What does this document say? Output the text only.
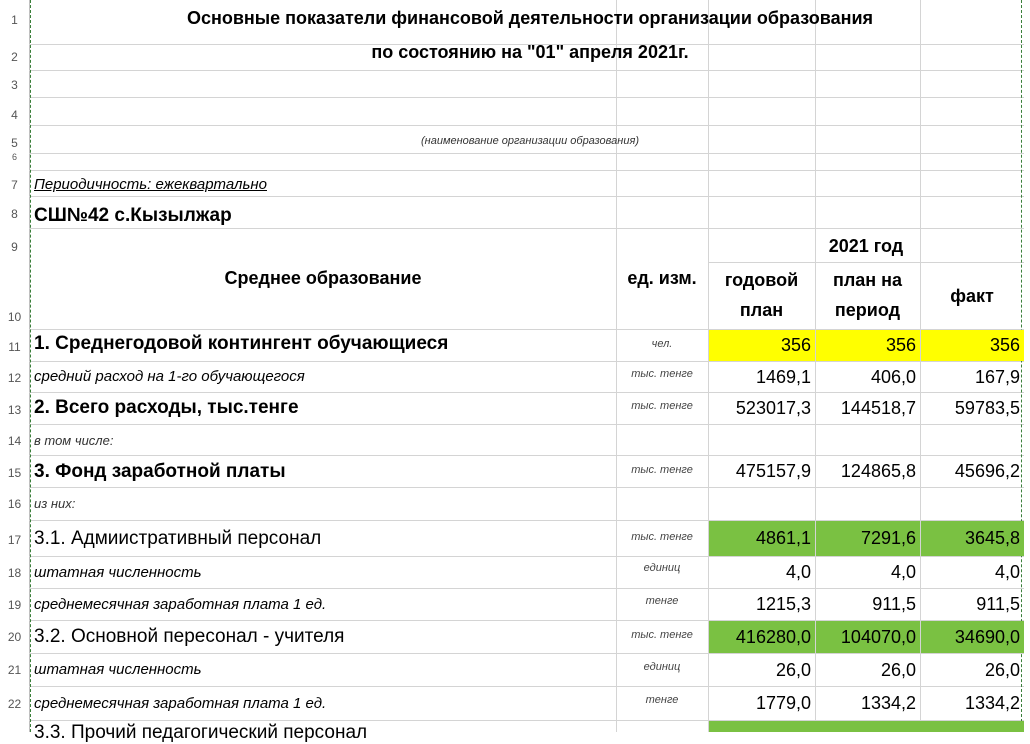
1
2
3
4
5
6
7
8
9
10
11
12
13
14
15
16
17
18
19
20
21
22
Основные показатели финансовой деятельности организации образования
по состоянию на "01" апреля 2021г.
(наименование организации образования)
Периодичность: ежеквартально
СШ№42 с.Кызылжар
Среднее образование	ед. изм.
2021 год
годовой
план
план на
период
факт
1. Среднегодовой контингент обучающиеся	чел.	356	356	356
средний расход на 1-го обучающегося	тыс. тенге	1469,1	406,0	167,9
2. Всего расходы, тыс.тенге	тыс. тенге	523017,3	144518,7	59783,5
в том числе:
3. Фонд заработной платы	тыс. тенге	475157,9	124865,8	45696,2
из них:
3.1. Адмиистративный персонал	тыс. тенге	4861,1	7291,6	3645,8
штатная численность	единиц	4,0	4,0	4,0
среднемесячная заработная плата 1 ед.	тенге	1215,3	911,5	911,5
3.2. Основной пересонал - учителя	тыс. тенге	416280,0	104070,0	34690,0
штатная численность	единиц	26,0	26,0	26,0
среднемесячная заработная плата 1 ед.	тенге	1779,0	1334,2	1334,2
3.3. Прочий педагогический персонал
